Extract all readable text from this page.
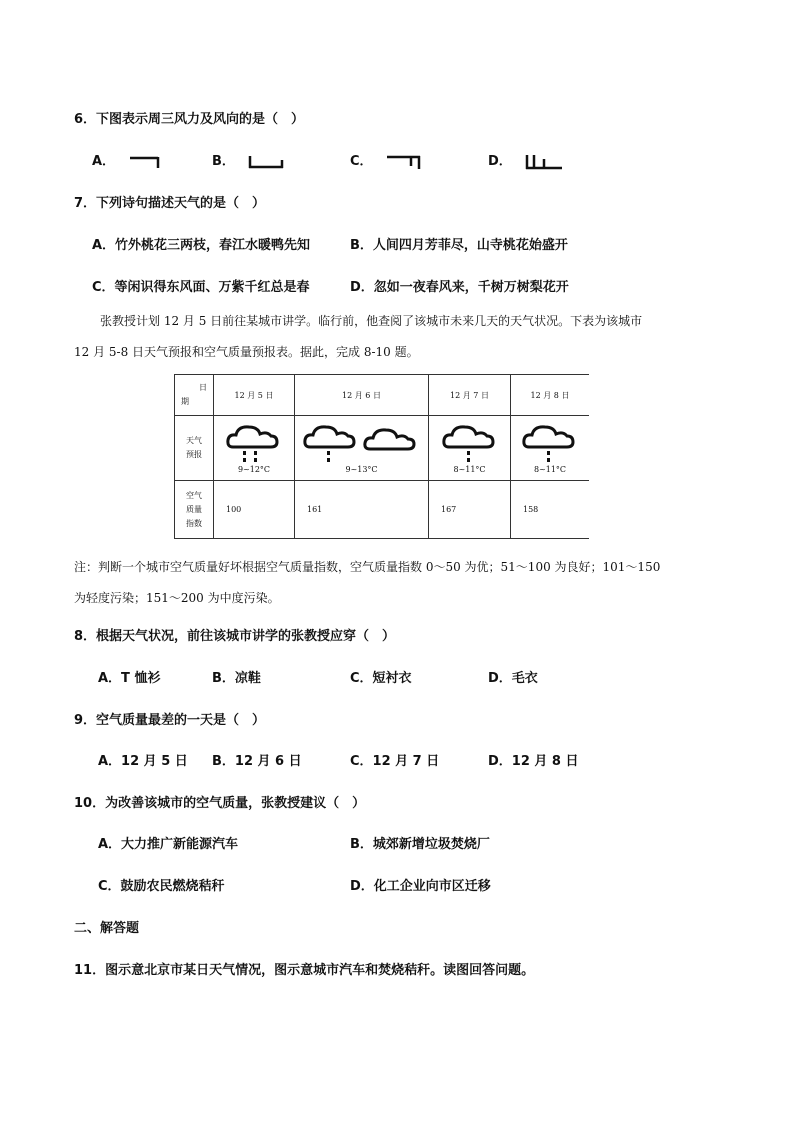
6．下图表示周三风力及风向的是（　）
A．	B．	C．	D．
7．下列诗句描述天气的是（　）
A．竹外桃花三两枝，春江水暖鸭先知	B．人间四月芳菲尽，山寺桃花始盛开
C．等闲识得东风面、万紫千红总是春	D．忽如一夜春风来，千树万树梨花开
张教授计划 12 月 5 日前往某城市讲学。临行前，他查阅了该城市未来几天的天气状况。下表为该城市
12 月 5-8 日天气预报和空气质量预报表。据此，完成 8-10 题。
日
期	12 月 5 日	12 月 6 日	12 月 7 日	12 月 8 日

天气
预报	9~12°C	9~13°C	8~11°C	8~11°C

空气
质量
指数	100	161	167	158
注：判断一个城市空气质量好坏根据空气质量指数，空气质量指数 0～50 为优；51～100 为良好；101～150
为轻度污染；151～200 为中度污染。
8．根据天气状况，前往该城市讲学的张教授应穿（　）
A．T 恤衫	B．凉鞋	C．短衬衣	D．毛衣
9．空气质量最差的一天是（　）
A．12 月 5 日 B．12 月 6 日	C．12 月 7 日	D．12 月 8 日
10．为改善该城市的空气质量，张教授建议（　）
A．大力推广新能源汽车	B．城郊新增垃圾焚烧厂
C．鼓励农民燃烧秸秆	D．化工企业向市区迁移
二、解答题
11．图示意北京市某日天气情况，图示意城市汽车和焚烧秸秆。读图回答问题。
